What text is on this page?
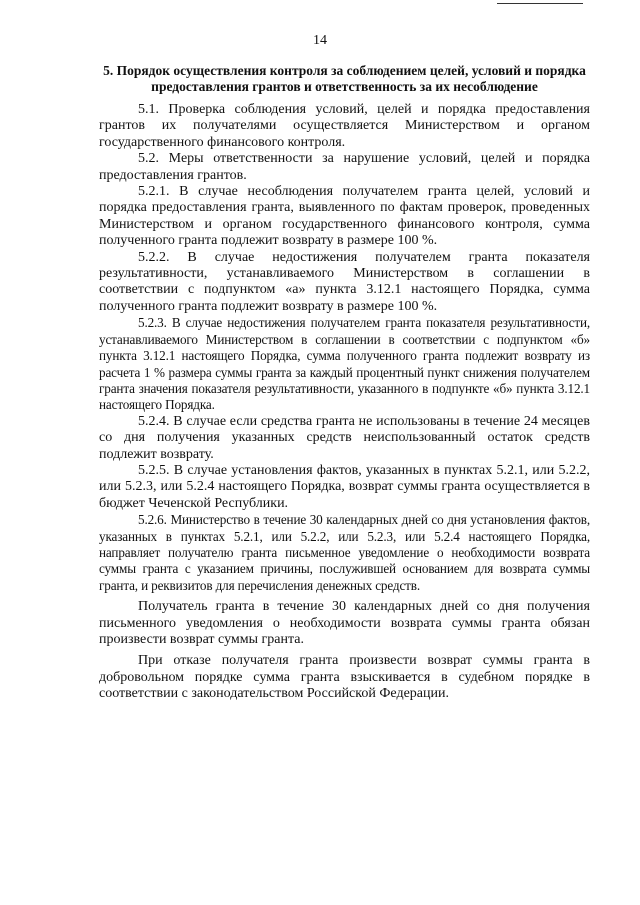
14
5. Порядок осуществления контроля за соблюдением целей, условий и порядка предоставления грантов и ответственность за их несоблюдение

5.1. Проверка соблюдения условий, целей и порядка предоставления грантов их получателями осуществляется Министерством и органом государственного финансового контроля.

5.2. Меры ответственности за нарушение условий, целей и порядка предоставления грантов.

5.2.1. В случае несоблюдения получателем гранта целей, условий и порядка предоставления гранта, выявленного по фактам проверок, проведенных Министерством и органом государственного финансового контроля, сумма полученного гранта подлежит возврату в размере 100 %.

5.2.2. В случае недостижения получателем гранта показателя результативности, устанавливаемого Министерством в соглашении в соответствии с подпунктом «а» пункта 3.12.1 настоящего Порядка, сумма полученного гранта подлежит возврату в размере 100 %.

5.2.3. В случае недостижения получателем гранта показателя результативности, устанавливаемого Министерством в соглашении в соответствии с подпунктом «б» пункта 3.12.1 настоящего Порядка, сумма полученного гранта подлежит возврату из расчета 1 % размера суммы гранта за каждый процентный пункт снижения получателем гранта значения показателя результативности, указанного в подпункте «б» пункта 3.12.1 настоящего Порядка.

5.2.4. В случае если средства гранта не использованы в течение 24 месяцев со дня получения указанных средств неиспользованный остаток средств подлежит возврату.

5.2.5. В случае установления фактов, указанных в пунктах 5.2.1, или 5.2.2, или 5.2.3, или 5.2.4 настоящего Порядка, возврат суммы гранта осуществляется в бюджет Чеченской Республики.

5.2.6. Министерство в течение 30 календарных дней со дня установления фактов, указанных в пунктах 5.2.1, или 5.2.2, или 5.2.3, или 5.2.4 настоящего Порядка, направляет получателю гранта письменное уведомление о необходимости возврата суммы гранта с указанием причины, послужившей основанием для возврата суммы гранта, и реквизитов для перечисления денежных средств.

Получатель гранта в течение 30 календарных дней со дня получения письменного уведомления о необходимости возврата суммы гранта обязан произвести возврат суммы гранта.

При отказе получателя гранта произвести возврат суммы гранта в добровольном порядке сумма гранта взыскивается в судебном порядке в соответствии с законодательством Российской Федерации.
